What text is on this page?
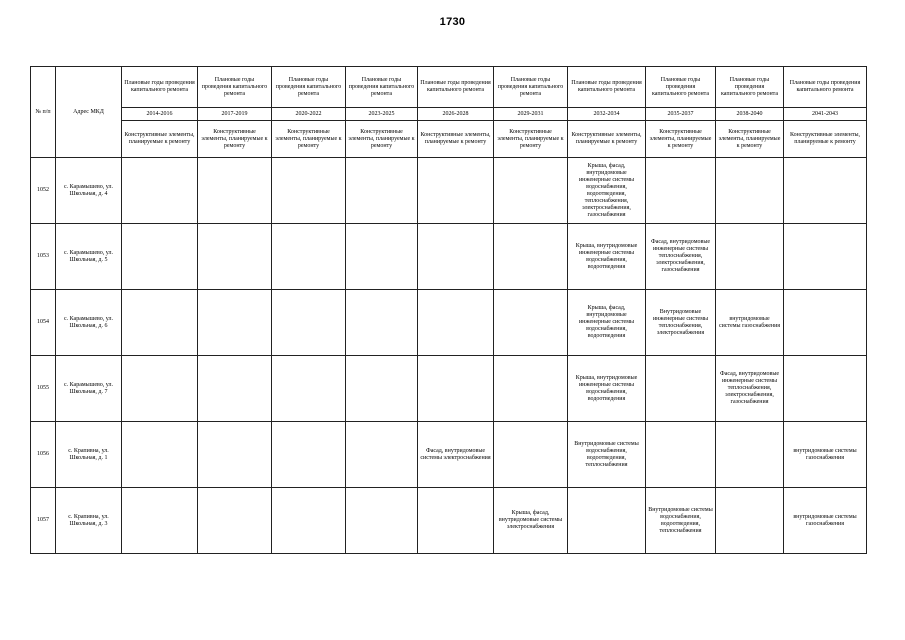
1730
№ п/п	Адрес МКД	Плановые годы проведения капитального ремонта	Плановые годы проведения капитального ремонта	Плановые годы проведения капитального ремонта	Плановые годы проведения капитального ремонта	Плановые годы проведения капитального ремонта	Плановые годы проведения капитального ремонта	Плановые годы проведения капитального ремонта	Плановые годы проведения капитального ремонта	Плановые годы проведения капитального ремонта	Плановые годы проведения капитального ремонта
		2014-2016	2017-2019	2020-2022	2023-2025	2026-2028	2029-2031	2032-2034	2035-2037	2038-2040	2041-2043
		Конструктивные элементы, планируемые к ремонту	Конструктивные элементы, планируемые к ремонту	Конструктивные элементы, планируемые к ремонту	Конструктивные элементы, планируемые к ремонту	Конструктивные элементы, планируемые к ремонту	Конструктивные элементы, планируемые к ремонту	Конструктивные элементы, планируемые к ремонту	Конструктивные элементы, планируемые к ремонту	Конструктивные элементы, планируемые к ремонту	Конструктивные элементы, планируемые к ремонту
1052	с. Карамышево, ул. Школьная, д. 4							Крыша, фасад, внутридомовые инженерные системы водоснабжения, водоотведения, теплоснабжения, электроснабжения, газоснабжения			
1053	с. Карамышево, ул. Школьная, д. 5							Крыша, внутридомовые инженерные системы водоснабжения, водоотведения	Фасад, внутридомовые инженерные системы теплоснабжения, электроснабжения, газоснабжения		
1054	с. Карамышево, ул. Школьная, д. 6							Крыша, фасад, внутридомовые инженерные системы водоснабжения, водоотведения	Внутридомовые инженерные системы теплоснабжения, электроснабжения	внутридомовые системы газоснабжения	
1055	с. Карамышево, ул. Школьная, д. 7							Крыша, внутридомовые инженерные системы водоснабжения, водоотведения		Фасад, внутридомовые инженерные системы теплоснабжения, электроснабжения, газоснабжения	
1056	с. Крапивна, ул. Школьная, д. 1					Фасад, внутридомовые системы электроснабжения		Внутридомовые системы водоснабжения, водоотведения, теплоснабжения			внутридомовые системы газоснабжения
1057	с. Крапивна, ул. Школьная, д. 3						Крыша, фасад, внутридомовые системы электроснабжения		Внутридомовые системы водоснабжения, водоотведения, теплоснабжения		внутридомовые системы газоснабжения
